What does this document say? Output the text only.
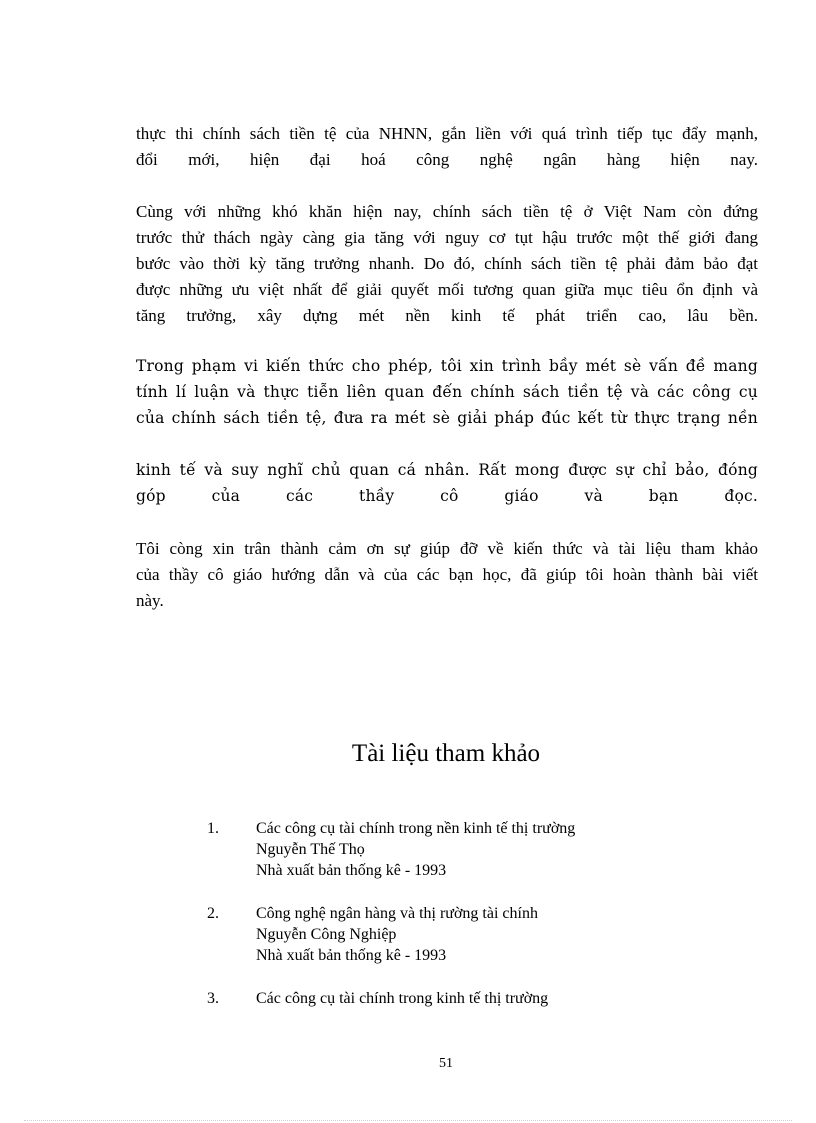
thực thi chính sách tiền tệ của NHNN, gắn liền với quá trình tiếp tục đẩy mạnh,
đổi mới, hiện đại hoá công nghệ ngân hàng hiện nay.
Cùng với những khó khăn hiện nay, chính sách tiền tệ ở Việt Nam còn đứng
trước thử thách ngày càng gia tăng với nguy cơ tụt hậu trước một thế giới đang
bước vào thời kỳ tăng trưởng nhanh. Do đó, chính sách tiền tệ phải đảm bảo đạt
được những ưu việt nhất để giải quyết mối tương quan giữa mục tiêu ổn định và
tăng trưởng, xây dựng mét nền kinh tế phát triển cao, lâu bền.
Trong phạm vi kiến thức cho phép, tôi xin trình bầy mét sè vấn đề mang
tính lí luận và thực tiễn liên quan đến chính sách tiền tệ và các công cụ
của chính sách tiền tệ, đưa ra mét sè giải pháp đúc kết từ thực trạng nền
kinh tế và suy nghĩ chủ quan cá nhân. Rất mong được sự chỉ bảo, đóng
góp của các thầy cô giáo và bạn đọc.
Tôi còng xin trân thành cảm ơn sự giúp đỡ về kiến thức và tài liệu tham khảo
của thầy cô giáo hướng dẫn và của các bạn học, đã giúp tôi hoàn thành bài viết
này.
Tài liệu tham khảo
1.	Các công cụ tài chính trong nền kinh tế thị trường
Nguyễn Thế Thọ
Nhà xuất bản thống kê - 1993
2.	Công nghệ ngân hàng và thị rường tài chính
Nguyễn Công Nghiệp
Nhà xuất bản thống kê - 1993
3.	Các công cụ tài chính trong kinh tế thị trường
51
